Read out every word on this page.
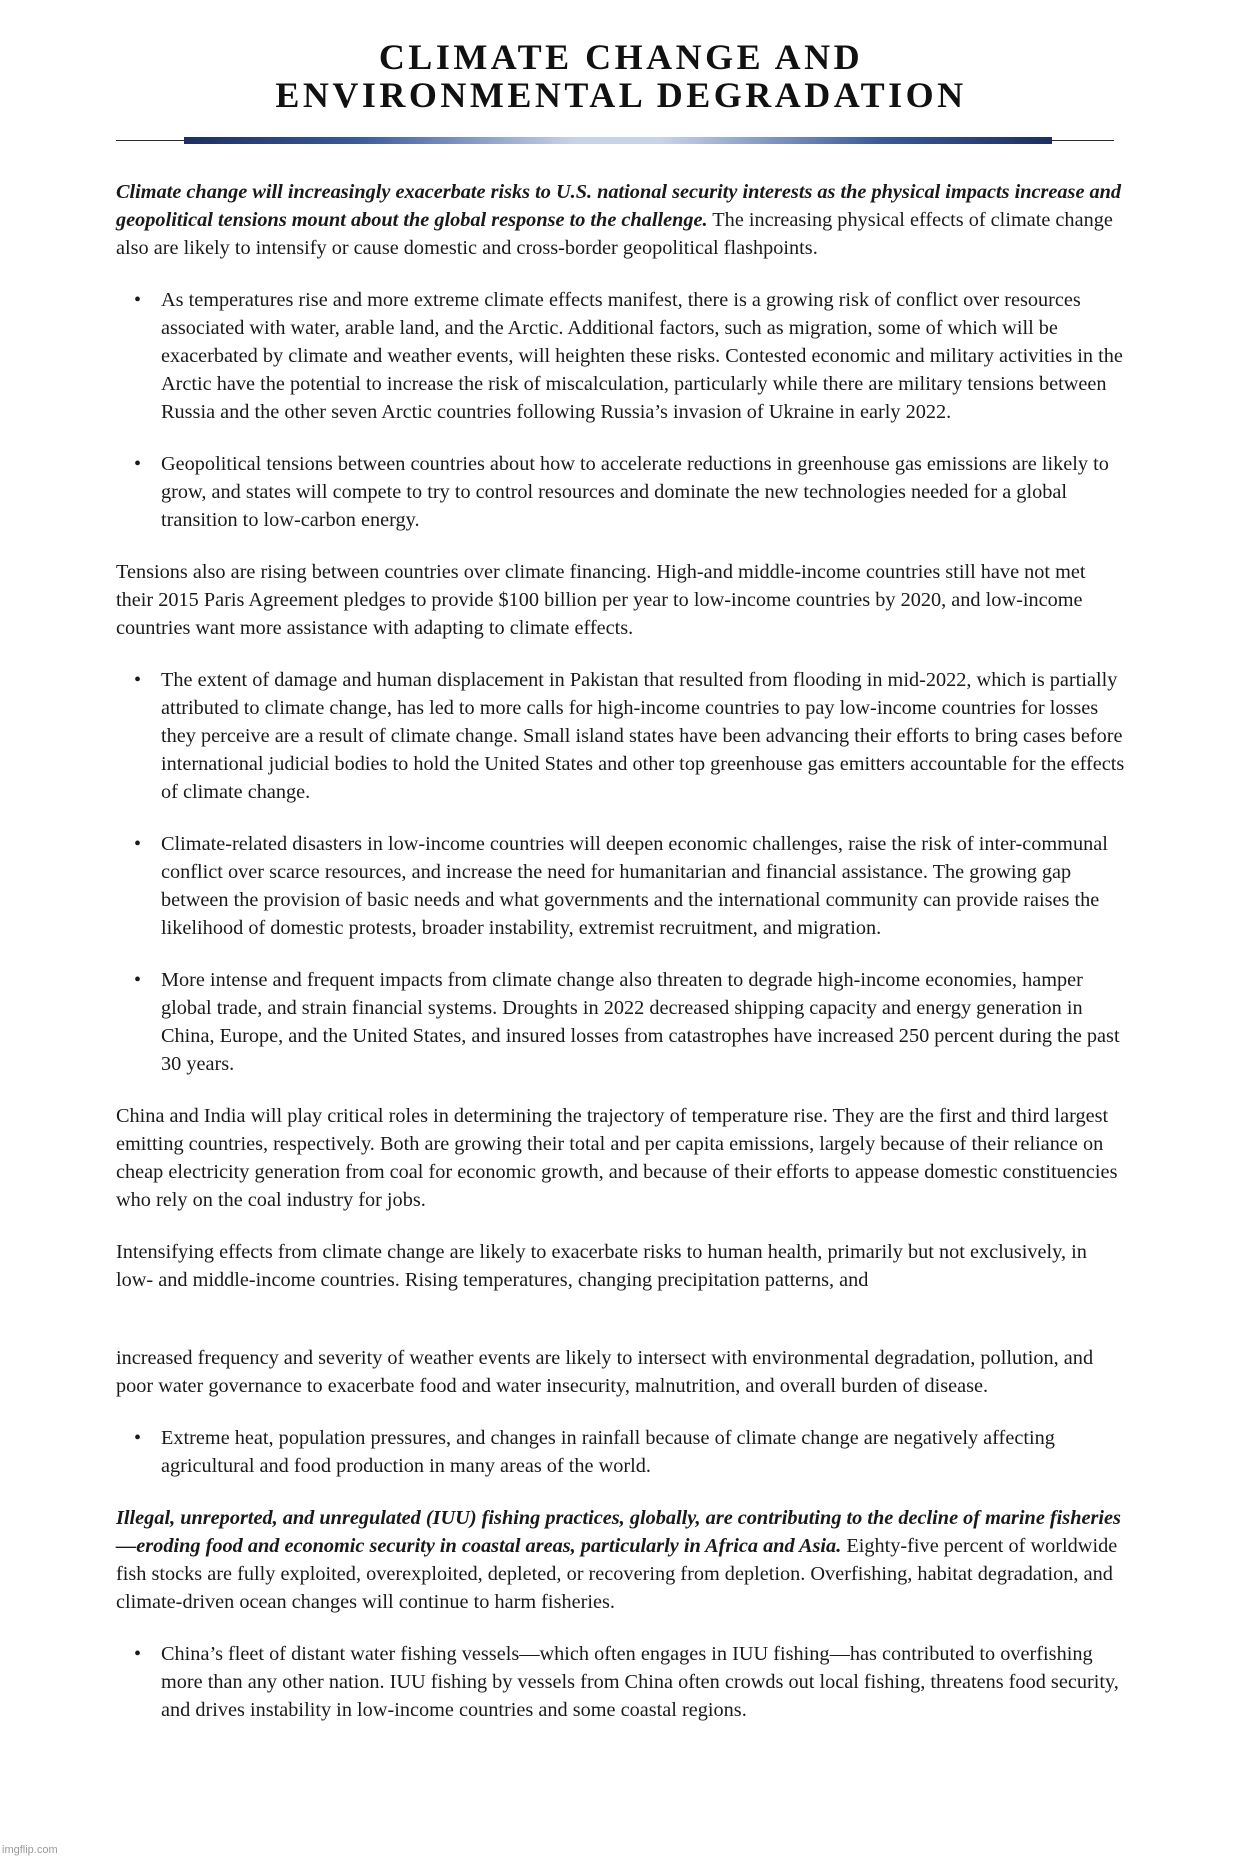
CLIMATE CHANGE AND
ENVIRONMENTAL DEGRADATION

Climate change will increasingly exacerbate risks to U.S. national security interests as the physical impacts increase and geopolitical tensions mount about the global response to the challenge. The increasing physical effects of climate change also are likely to intensify or cause domestic and cross-border geopolitical flashpoints.

• As temperatures rise and more extreme climate effects manifest, there is a growing risk of conflict over resources associated with water, arable land, and the Arctic. Additional factors, such as migration, some of which will be exacerbated by climate and weather events, will heighten these risks. Contested economic and military activities in the Arctic have the potential to increase the risk of miscalculation, particularly while there are military tensions between Russia and the other seven Arctic countries following Russia’s invasion of Ukraine in early 2022.
• Geopolitical tensions between countries about how to accelerate reductions in greenhouse gas emissions are likely to grow, and states will compete to try to control resources and dominate the new technologies needed for a global transition to low-carbon energy.

Tensions also are rising between countries over climate financing. High-and middle-income countries still have not met their 2015 Paris Agreement pledges to provide $100 billion per year to low-income countries by 2020, and low-income countries want more assistance with adapting to climate effects.

• The extent of damage and human displacement in Pakistan that resulted from flooding in mid-2022, which is partially attributed to climate change, has led to more calls for high-income countries to pay low-income countries for losses they perceive are a result of climate change. Small island states have been advancing their efforts to bring cases before international judicial bodies to hold the United States and other top greenhouse gas emitters accountable for the effects of climate change.
• Climate-related disasters in low-income countries will deepen economic challenges, raise the risk of inter-communal conflict over scarce resources, and increase the need for humanitarian and financial assistance. The growing gap between the provision of basic needs and what governments and the international community can provide raises the likelihood of domestic protests, broader instability, extremist recruitment, and migration.
• More intense and frequent impacts from climate change also threaten to degrade high-income economies, hamper global trade, and strain financial systems. Droughts in 2022 decreased shipping capacity and energy generation in China, Europe, and the United States, and insured losses from catastrophes have increased 250 percent during the past 30 years.

China and India will play critical roles in determining the trajectory of temperature rise. They are the first and third largest emitting countries, respectively. Both are growing their total and per capita emissions, largely because of their reliance on cheap electricity generation from coal for economic growth, and because of their efforts to appease domestic constituencies who rely on the coal industry for jobs.

Intensifying effects from climate change are likely to exacerbate risks to human health, primarily but not exclusively, in low- and middle-income countries. Rising temperatures, changing precipitation patterns, and

increased frequency and severity of weather events are likely to intersect with environmental degradation, pollution, and poor water governance to exacerbate food and water insecurity, malnutrition, and overall burden of disease.

• Extreme heat, population pressures, and changes in rainfall because of climate change are negatively affecting agricultural and food production in many areas of the world.

Illegal, unreported, and unregulated (IUU) fishing practices, globally, are contributing to the decline of marine fisheries—eroding food and economic security in coastal areas, particularly in Africa and Asia. Eighty-five percent of worldwide fish stocks are fully exploited, overexploited, depleted, or recovering from depletion. Overfishing, habitat degradation, and climate-driven ocean changes will continue to harm fisheries.

• China’s fleet of distant water fishing vessels—which often engages in IUU fishing—has contributed to overfishing more than any other nation. IUU fishing by vessels from China often crowds out local fishing, threatens food security, and drives instability in low-income countries and some coastal regions.
imgflip.com
